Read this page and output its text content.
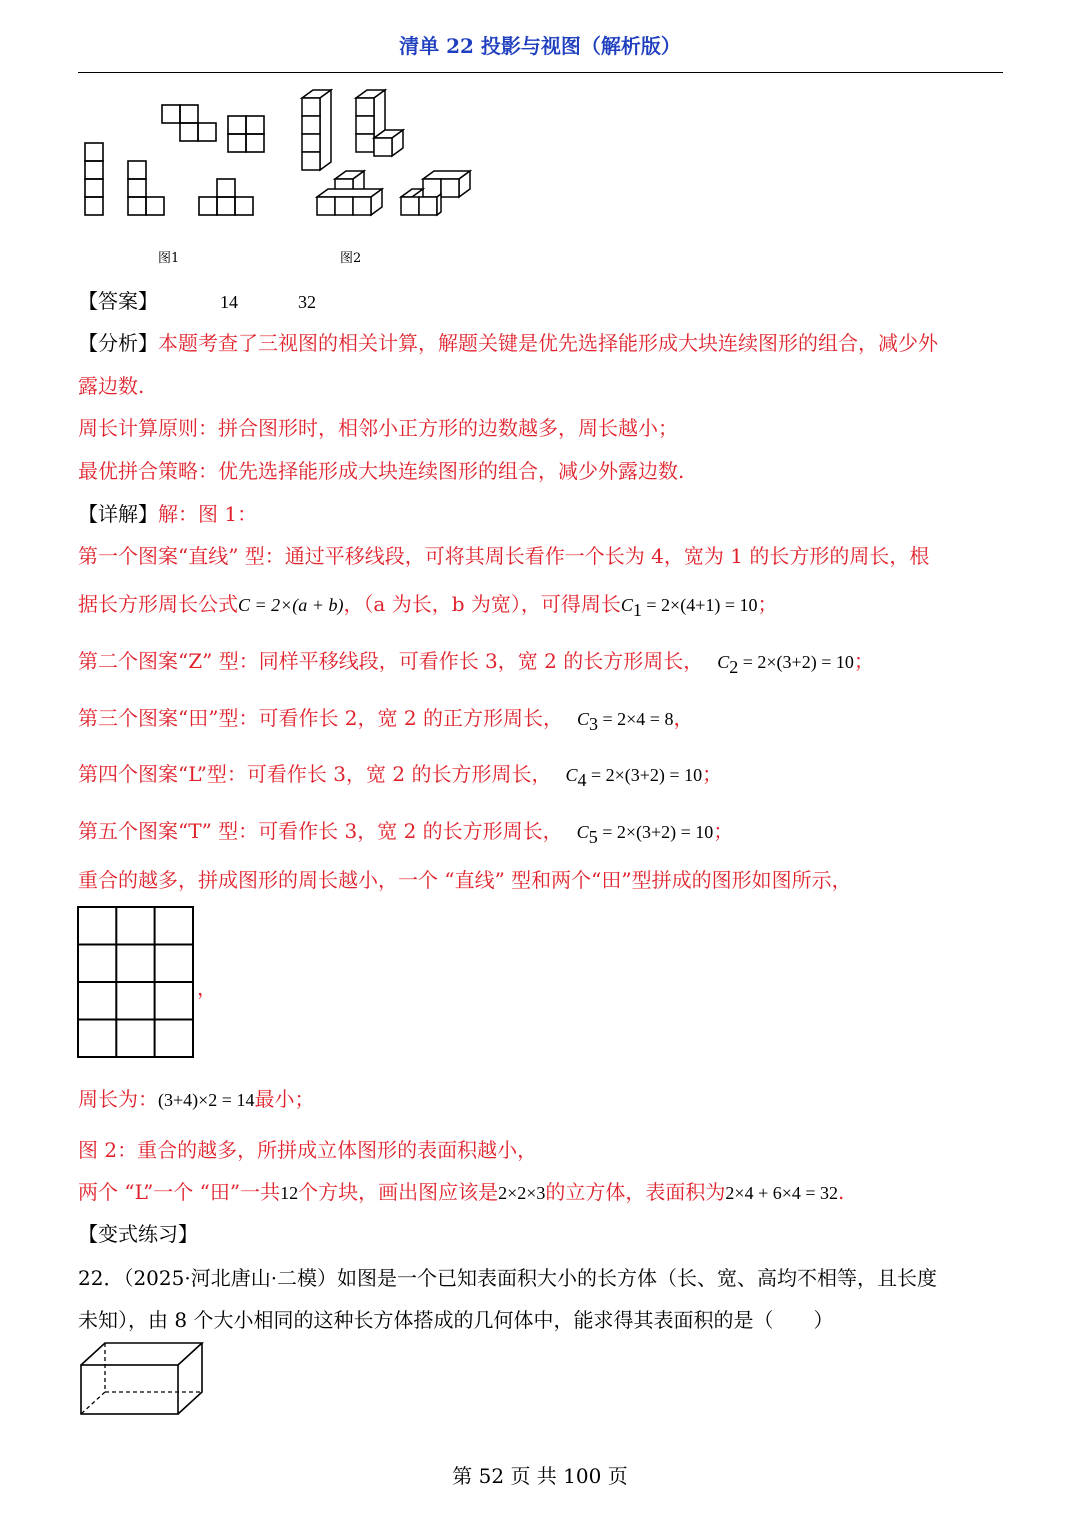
清单 22 投影与视图（解析版）
图1	图2
【答案】	14	32
【分析】本题考查了三视图的相关计算，解题关键是优先选择能形成大块连续图形的组合，减少外
露边数.
周长计算原则：拼合图形时，相邻小正方形的边数越多，周长越小；
最优拼合策略：优先选择能形成大块连续图形的组合，减少外露边数.
【详解】解：图 1：
第一个图案“直线” 型：通过平移线段，可将其周长看作一个长为 4，宽为 1 的长方形的周长，根
据长方形周长公式C = 2×(a + b)，（a 为长，b 为宽），可得周长$C_1 = 2\times(4+1) = 10$；
第二个图案“Z” 型：同样平移线段，可看作长 3，宽 2 的长方形周长， $C_2 = 2\times(3+2) = 10$；
第三个图案“田”型：可看作长 2，宽 2 的正方形周长， $C_3 = 2\times 4 = 8$，
第四个图案“L”型：可看作长 3，宽 2 的长方形周长， $C_4 = 2\times(3+2) = 10$；
第五个图案“T” 型：可看作长 3，宽 2 的长方形周长， $C_5 = 2\times(3+2) = 10$；
重合的越多，拼成图形的周长越小，一个 “直线” 型和两个“田”型拼成的图形如图所示，
，
周长为：(3+4)×2 = 14最小；
图 2：重合的越多，所拼成立体图形的表面积越小，
两个 “L”一个 “田”一共12个方块，画出图应该是2×2×3的立方体，表面积为2×4 + 6×4 = 32.
【变式练习】
22．（2025·河北唐山·二模）如图是一个已知表面积大小的长方体（长、宽、高均不相等，且长度
未知），由 8 个大小相同的这种长方体搭成的几何体中，能求得其表面积的是（　　）
第 52 页 共 100 页
